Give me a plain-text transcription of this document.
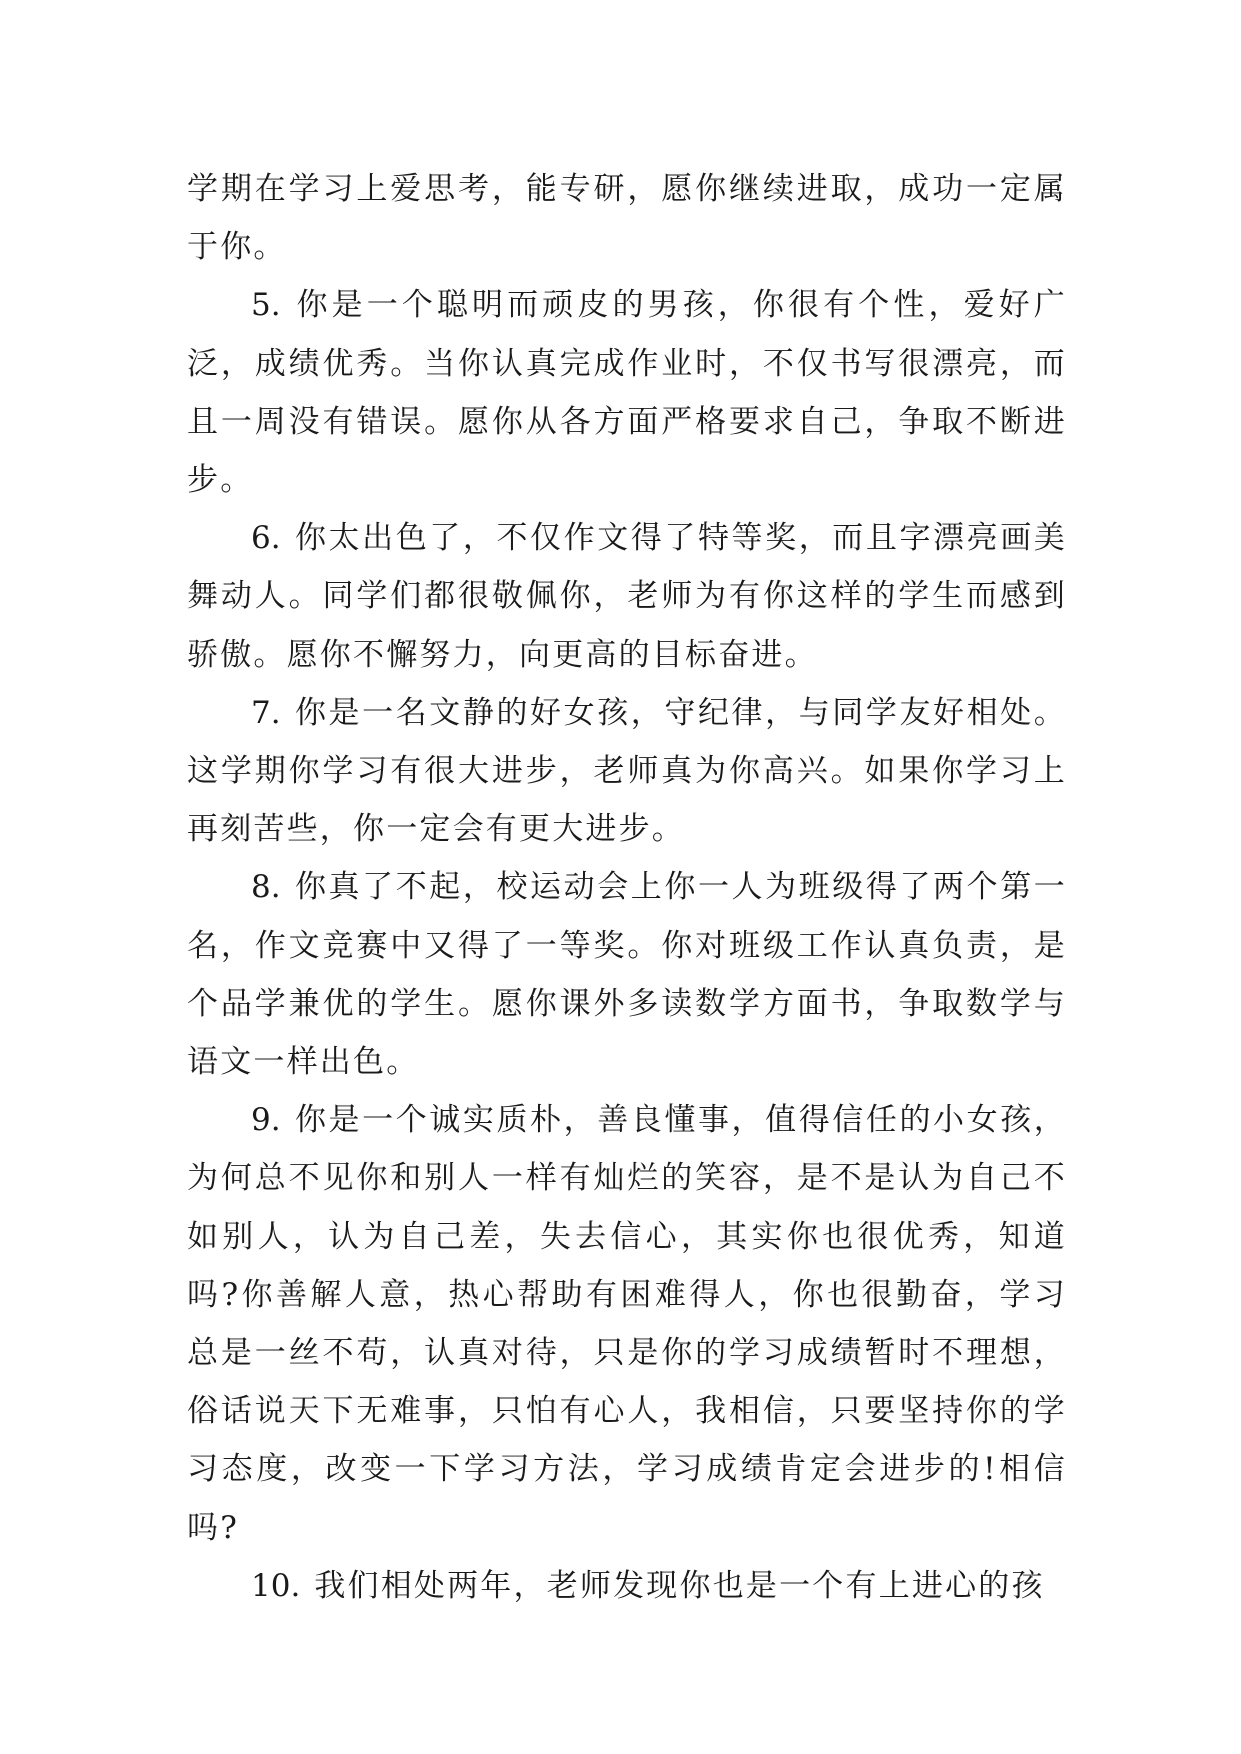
学期在学习上爱思考，能专研，愿你继续进取，成功一定属于你。

5. 你是一个聪明而顽皮的男孩，你很有个性，爱好广泛，成绩优秀。当你认真完成作业时，不仅书写很漂亮，而且一周没有错误。愿你从各方面严格要求自己，争取不断进步。

6. 你太出色了，不仅作文得了特等奖，而且字漂亮画美舞动人。同学们都很敬佩你，老师为有你这样的学生而感到骄傲。愿你不懈努力，向更高的目标奋进。

7. 你是一名文静的好女孩，守纪律，与同学友好相处。这学期你学习有很大进步，老师真为你高兴。如果你学习上再刻苦些，你一定会有更大进步。

8. 你真了不起，校运动会上你一人为班级得了两个第一名，作文竞赛中又得了一等奖。你对班级工作认真负责，是个品学兼优的学生。愿你课外多读数学方面书，争取数学与语文一样出色。

9. 你是一个诚实质朴，善良懂事，值得信任的小女孩，为何总不见你和别人一样有灿烂的笑容，是不是认为自己不如别人，认为自己差，失去信心，其实你也很优秀，知道吗?你善解人意，热心帮助有困难得人，你也很勤奋，学习总是一丝不苟，认真对待，只是你的学习成绩暂时不理想，俗话说天下无难事，只怕有心人，我相信，只要坚持你的学习态度，改变一下学习方法，学习成绩肯定会进步的!相信吗?

10. 我们相处两年，老师发现你也是一个有上进心的孩
